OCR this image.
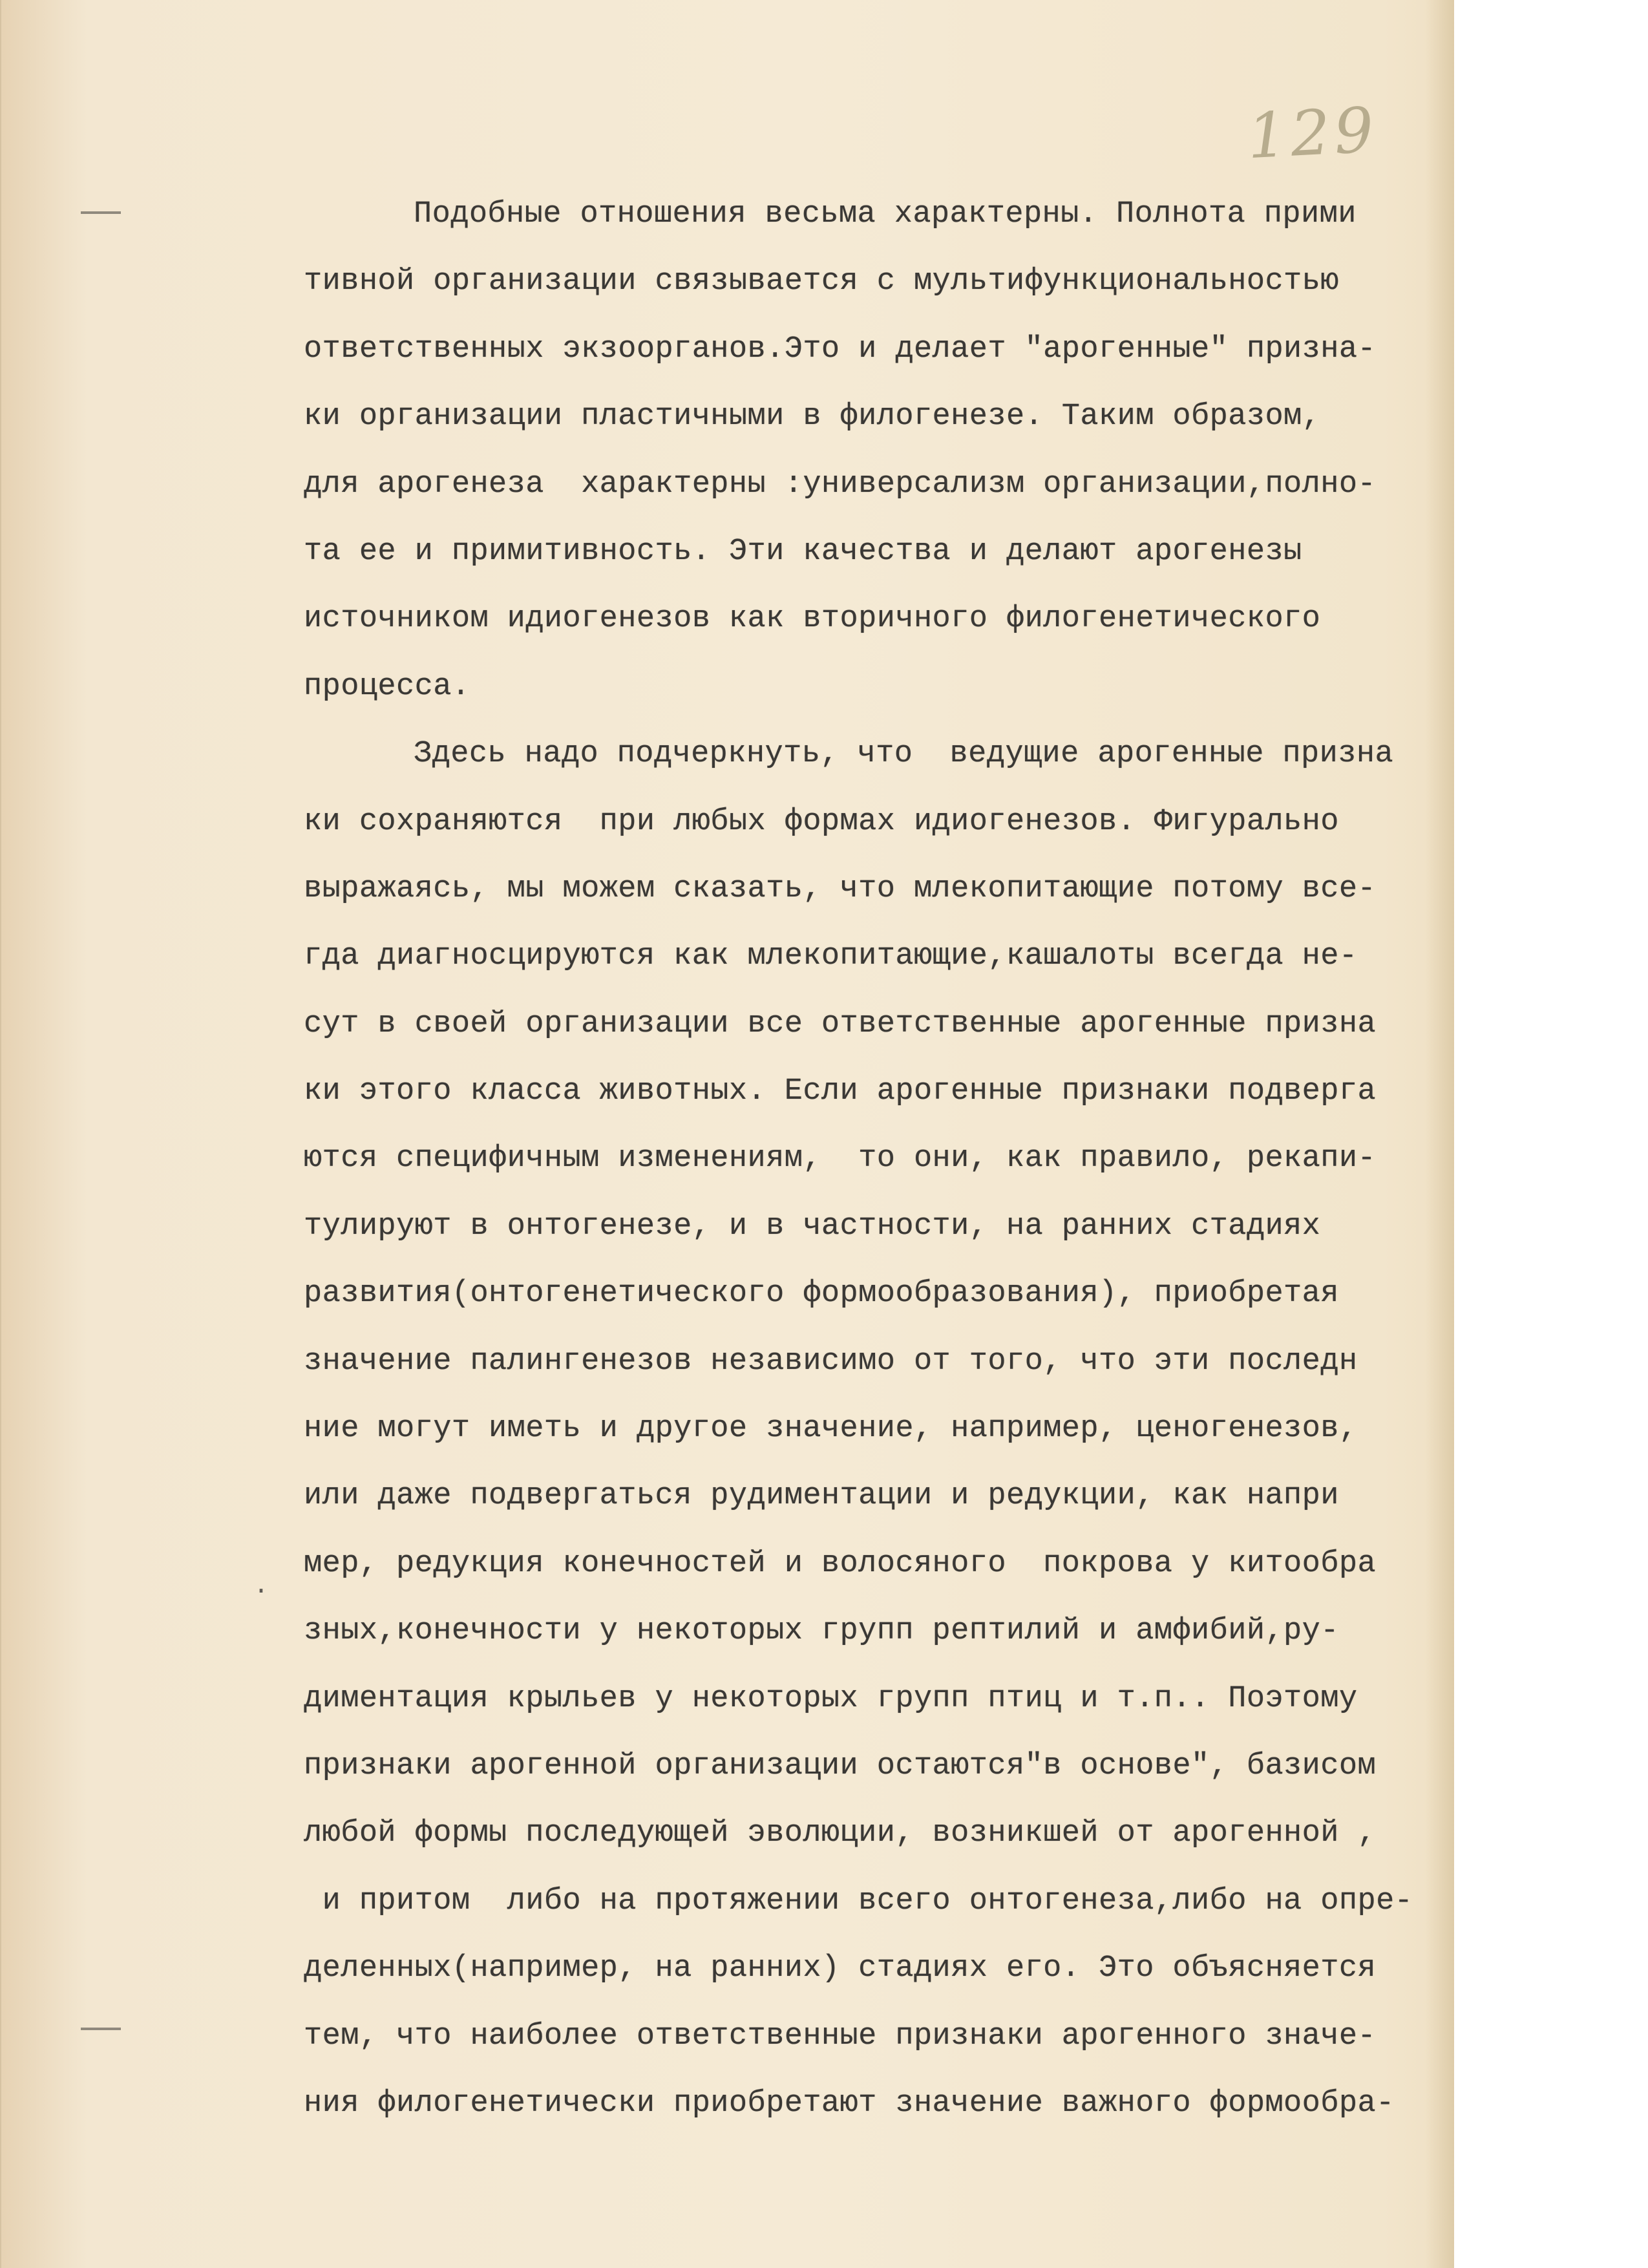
129
·
Подобные отношения весьма характерны. Полнота прими
тивной организации связывается с мультифункциональностью
ответственных экзоорганов.Это и делает "арогенные" призна-
ки организации пластичными в филогенезе. Таким образом,
для арогенеза  характерны :универсализм организации,полно-
та ее и примитивность. Эти качества и делают арогенезы
источником идиогенезов как вторичного филогенетического
процесса.
Здесь надо подчеркнуть, что  ведущие арогенные призна
ки сохраняются  при любых формах идиогенезов. Фигурально
выражаясь, мы можем сказать, что млекопитающие потому все-
гда диагносцируются как млекопитающие,кашалоты всегда не-
сут в своей организации все ответственные арогенные призна
ки этого класса животных. Если арогенные признаки подверга
ются специфичным изменениям,  то они, как правило, рекапи-
тулируют в онтогенезе, и в частности, на ранних стадиях
развития(онтогенетического формообразования), приобретая
значение палингенезов независимо от того, что эти последн
ние могут иметь и другое значение, например, ценогенезов,
или даже подвергаться рудиментации и редукции, как напри
мер, редукция конечностей и волосяного  покрова у китообра
зных,конечности у некоторых групп рептилий и амфибий,ру-
диментация крыльев у некоторых групп птиц и т.п.. Поэтому
признаки арогенной организации остаются"в основе", базисом
любой формы последующей эволюции, возникшей от арогенной ,
и притом  либо на протяжении всего онтогенеза,либо на опре-
деленных(например, на ранних) стадиях его. Это объясняется
тем, что наиболее ответственные признаки арогенного значе-
ния филогенетически приобретают значение важного формообра-
